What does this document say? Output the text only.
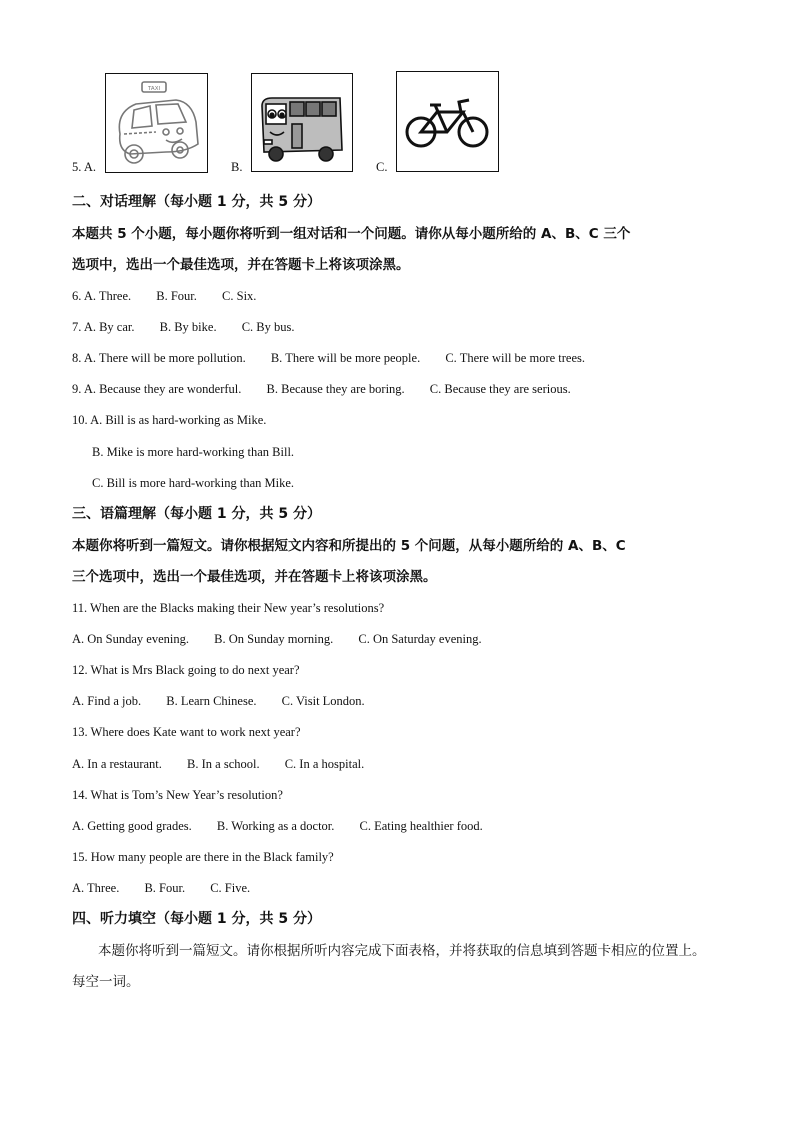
5. A.
TAXI
B.	C.
二、对话理解（每小题 1 分，共 5 分）
本题共 5 个小题，每小题你将听到一组对话和一个问题。请你从每小题所给的 A、B、C 三个
选项中，选出一个最佳选项，并在答题卡上将该项涂黑。
6. A. Three. B. Four. C. Six.
7. A. By car. B. By bike. C. By bus.
8. A. There will be more pollution. B. There will be more people. C. There will be more trees.
9. A. Because they are wonderful. B. Because they are boring. C. Because they are serious.
10. A. Bill is as hard-working as Mike.
B. Mike is more hard-working than Bill.
C. Bill is more hard-working than Mike.
三、语篇理解（每小题 1 分，共 5 分）
本题你将听到一篇短文。请你根据短文内容和所提出的 5 个问题，从每小题所给的 A、B、C
三个选项中，选出一个最佳选项，并在答题卡上将该项涂黑。
11. When are the Blacks making their New year’s resolutions?
A. On Sunday evening. B. On Sunday morning. C. On Saturday evening.
12. What is Mrs Black going to do next year?
A. Find a job. B. Learn Chinese. C. Visit London.
13. Where does Kate want to work next year?
A. In a restaurant. B. In a school. C. In a hospital.
14. What is Tom’s New Year’s resolution?
A. Getting good grades. B. Working as a doctor. C. Eating healthier food.
15. How many people are there in the Black family?
A. Three. B. Four. C. Five.
四、听力填空（每小题 1 分，共 5 分）
本题你将听到一篇短文。请你根据所听内容完成下面表格，并将获取的信息填到答题卡相应的位置上。
每空一词。
